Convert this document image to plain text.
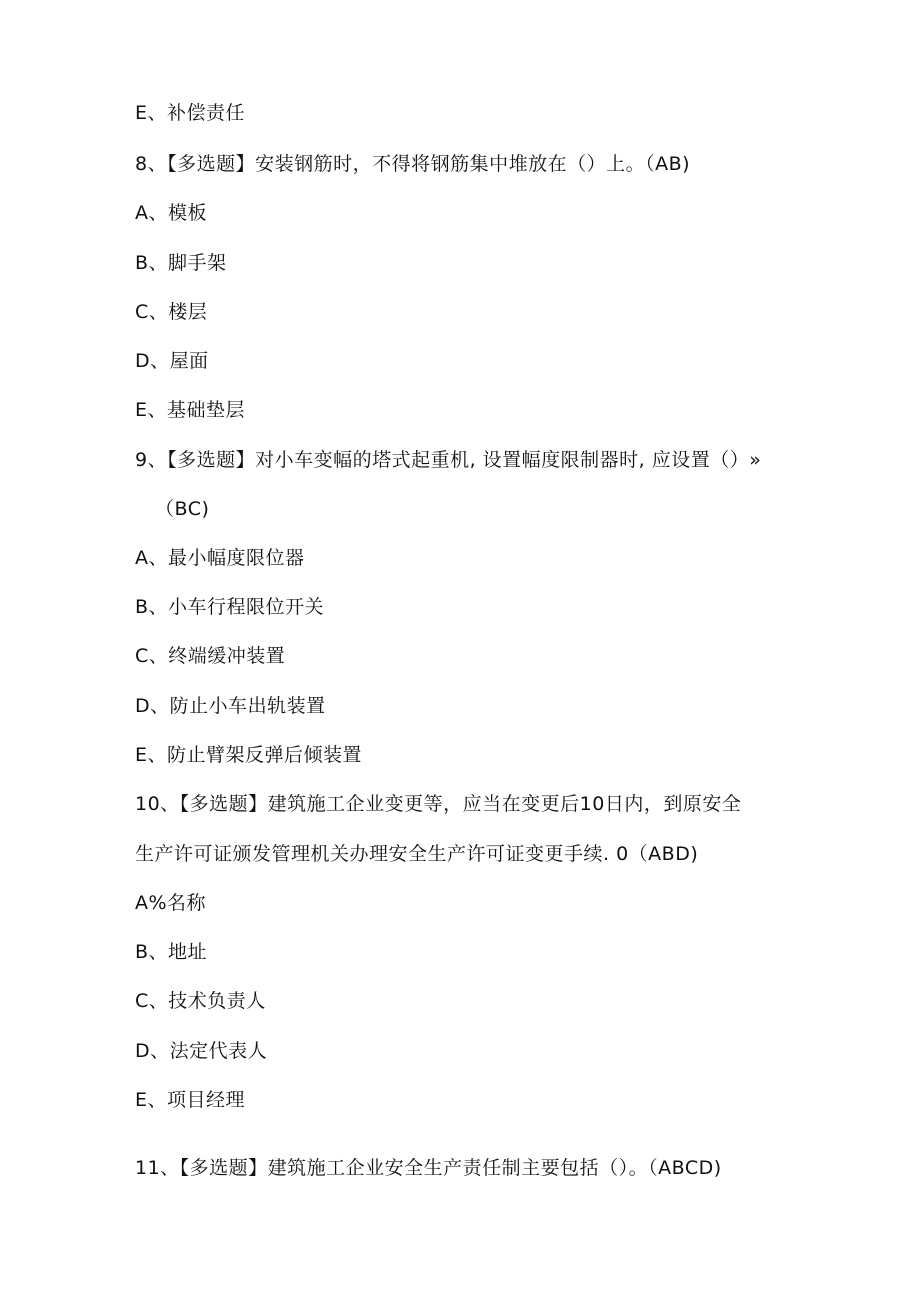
E、补偿责任
8、【多选题】安装钢筋时，不得将钢筋集中堆放在（）上。（AB)
A、模板
B、脚手架
C、楼层
D、屋面
E、基础垫层
9、【多选题】对小车变幅的塔式起重机, 设置幅度限制器时, 应设置（）»
（BC)
A、最小幅度限位器
B、小车行程限位开关
C、终端缓冲装置
D、防止小车出轨装置
E、防止臂架反弹后倾装置
10、【多选题】建筑施工企业变更等，应当在变更后10日内，到原安全
生产许可证颁发管理机关办理安全生产许可证变更手续. 0（ABD)
A%名称
B、地址
C、技术负责人
D、法定代表人
E、项目经理
11、【多选题】建筑施工企业安全生产责任制主要包括（）。（ABCD)
